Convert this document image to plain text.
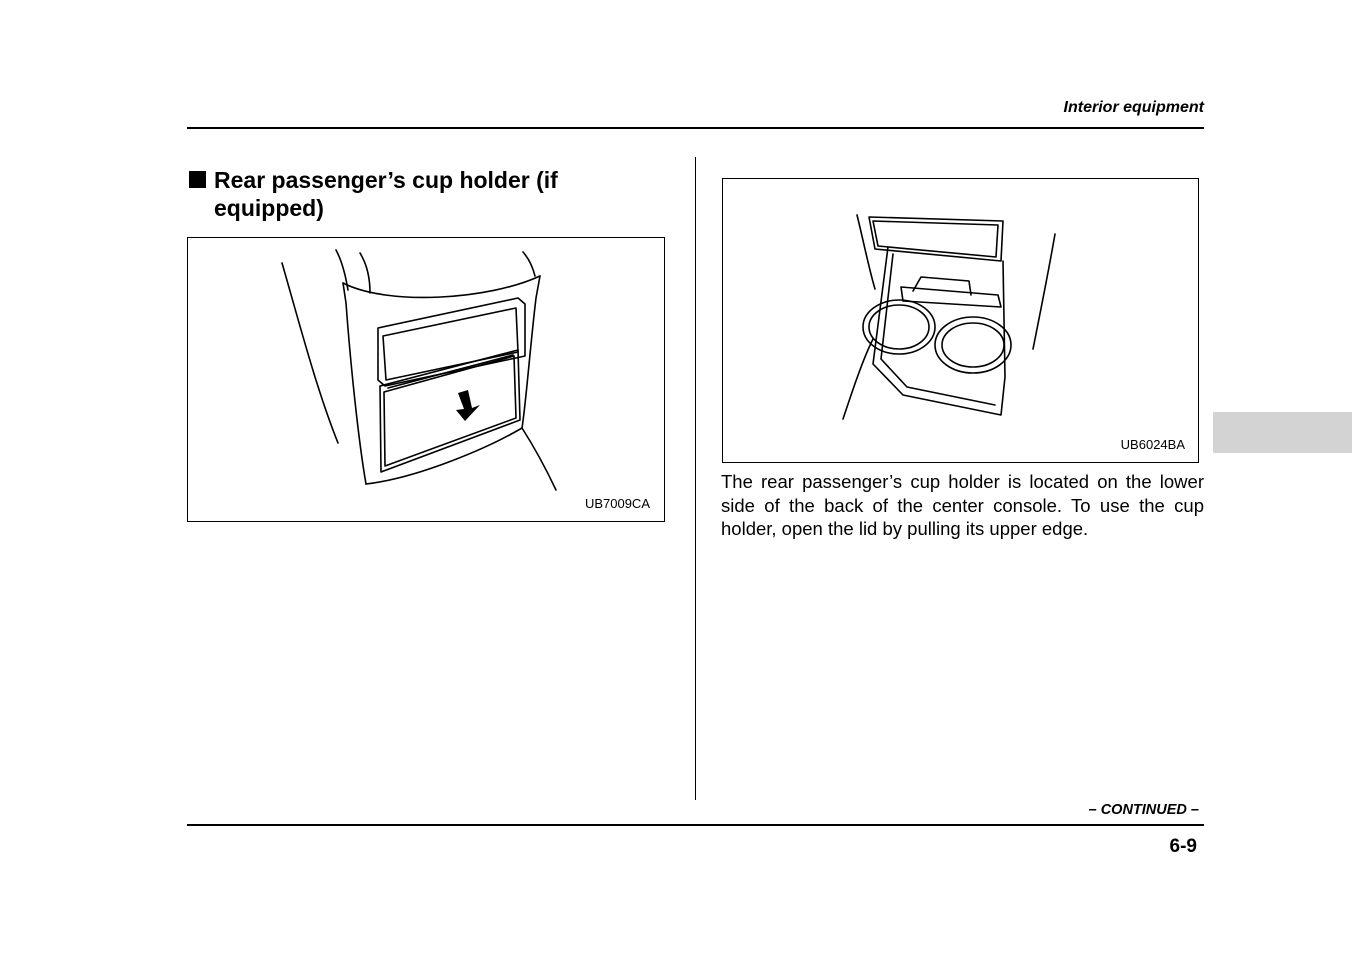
Interior equipment
Rear passenger’s cup holder (if equipped)
UB7009CA
UB6024BA

The rear passenger’s cup holder is located on the lower side of the back of the center console. To use the cup holder, open the lid by pulling its upper edge.

– CONTINUED –
6-9
